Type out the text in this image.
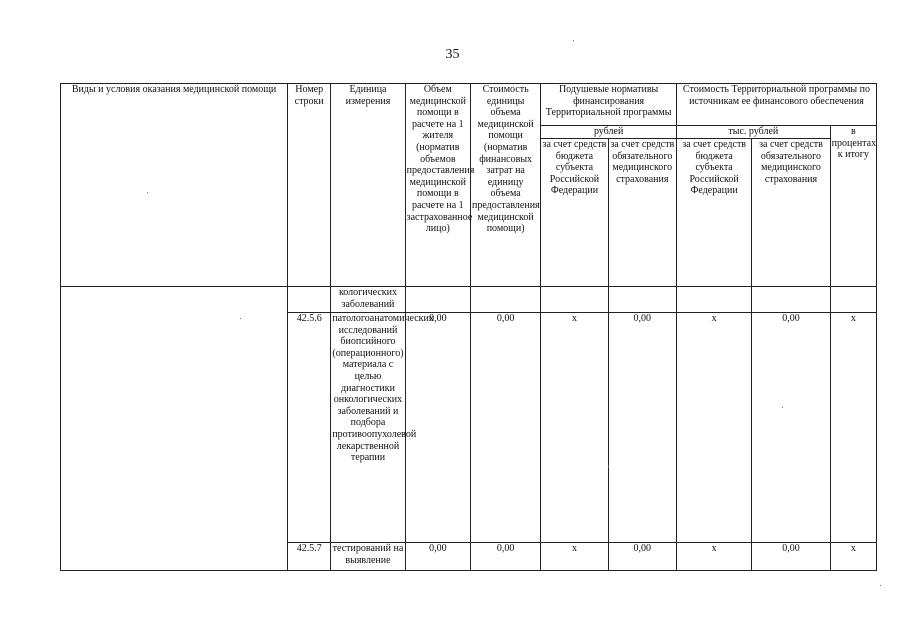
35
Виды и условия оказания медицинской помощи	Номер строки	Единица измерения	Объем медицинской помощи в расчете на 1 жителя (норматив объемов предоставления медицинской помощи в расчете на 1 застрахованное лицо)	Стоимость единицы объема медицинской помощи (норматив финансовых затрат на единицу объема предоставления медицинской помощи)	Подушевые нормативы финансирования Территориальной программы		Стоимость Территориальной программы по источникам ее финансового обеспечения		
					рублей		тыс. рублей		в процентах к итогу
					за счет средств бюджета субъекта Российской Федерации	за счет средств обязательного медицинского страхования	за счет средств бюджета субъекта Российской Федерации	за счет средств обязательного медицинского страхования	
		кологических заболеваний							
	42.5.6	патологоанатомических исследований биопсийного (операционного) материала с целью диагностики онкологических заболеваний и подбора противоопухолевой лекарственной терапии	0,00	0,00	х	0,00	х	0,00	х
	42.5.7	тестирований на выявление	0,00	0,00	х	0,00	х	0,00	х
